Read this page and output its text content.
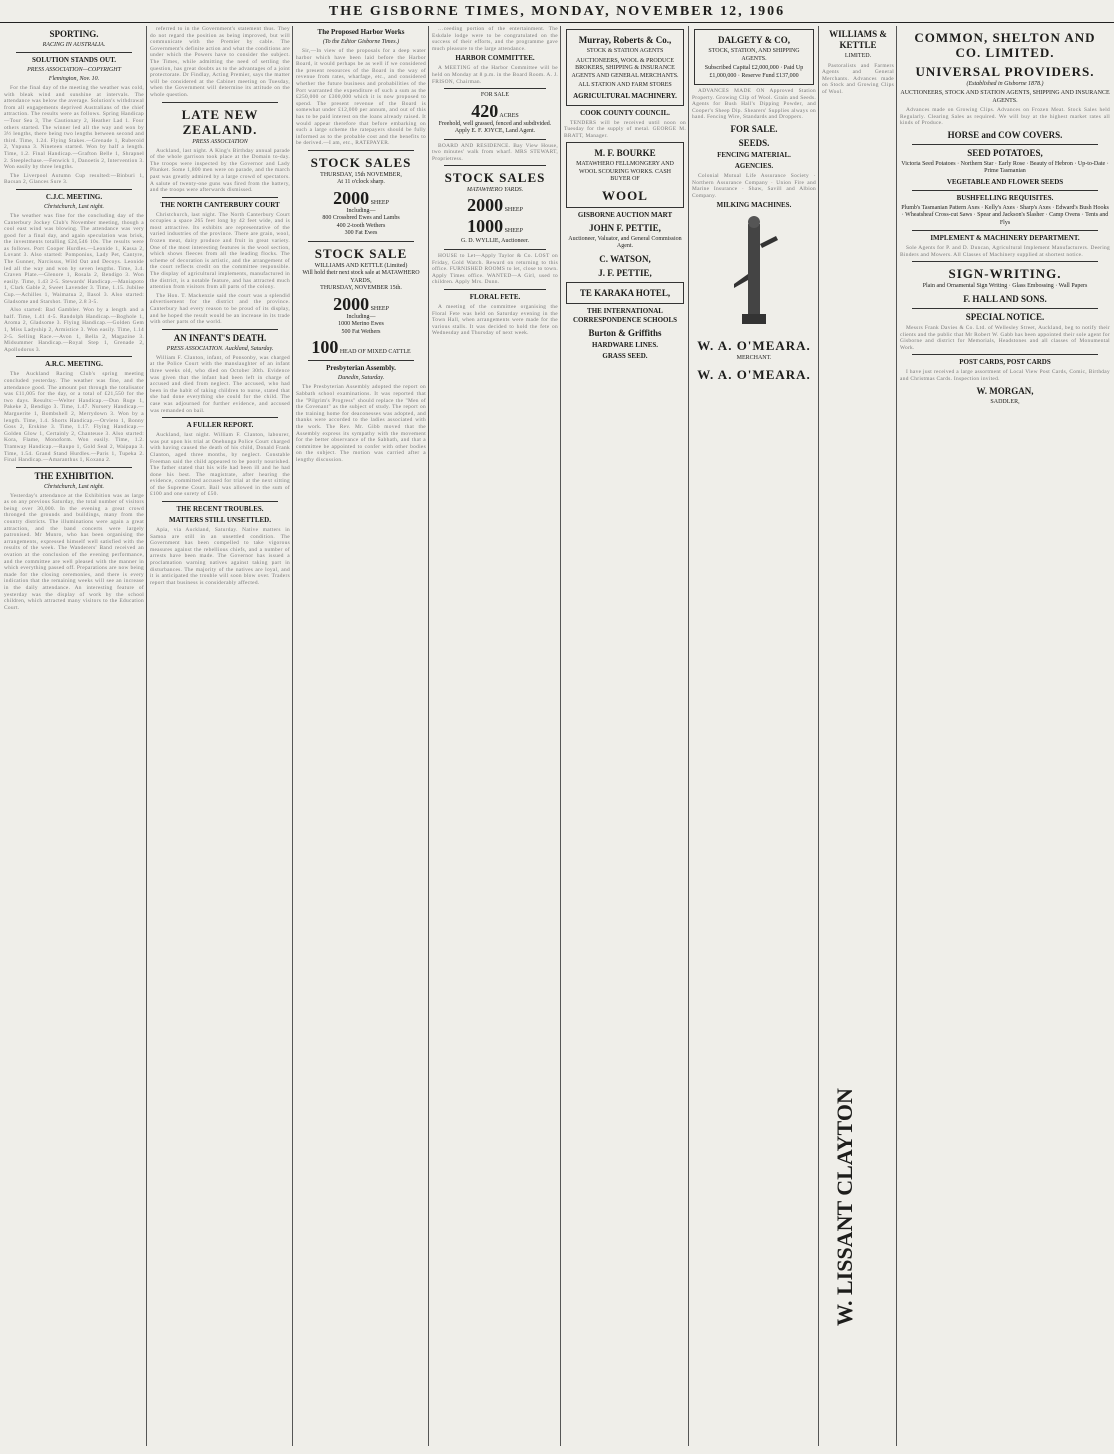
THE GISBORNE TIMES, MONDAY, NOVEMBER 12, 1906
SPORTING.
RACING IN AUSTRALIA.
SOLUTION STANDS OUT.
PRESS ASSOCIATION—COPYRIGHT
Flemington, Nov. 10.
For the final day of the meeting the weather was cold, with bleak wind and sunshine at intervals. The attendance was below the average. Solution's withdrawal from all engagements deprived Australians of the chief attraction. The results were as follows. Spring Handicap—Tour Sea 3, The Cautionary 2, Heather Lad 1. Four others started. The winner led all the way and won by 3½ lengths, there being two lengths between second and third. Time, 1.24. Flying Stakes.—Grenade 1, Ruberoid 2, Ynpuna 3. Nineteen started. Won by half a length. Time, 1.2. Final Handicap.—Grafton Belle 1, Shrapnel 2. Steeplechase.—Fenwick 1, Danoetis 2, Intervention 3. Won easily by three lengths.
The Liverpool Autumn Cup resulted:—Binburi 1, Bacsan 2, Glances Sure 3.
C.J.C. MEETING.
Christchurch, Last night.
The weather was fine for the concluding day of the Canterbury Jockey Club's November meeting, though a cool east wind was blowing. The attendance was very good for a final day, and again speculation was brisk, the investments totalling £24,546 10s. The results were as follows. Port Cooper Hurdles.—Leonide 1, Kassa 2, Lovant 3. Also started: Pomponius, Lady Pet, Cantyre, The Gunner, Narcissus, Wild Oat and Decoys. Leonide led all the way and won by seven lengths. Time, 3.4. Craven Plate.—Glenore 1, Rosala 2, Bendigo 3. Won easily. Time, 1.43 2-5. Stewards' Handicap.—Maniapoto 1, Clark Gable 2, Sweet Lavender 3. Time, 1.15. Jubilee Cup.—Achilles 1, Waimatua 2, Ilasol 3. Also started: Gladsome and Starshot. Time, 2.8 3-5.
Also started: Bad Gambler. Won by a length and a half. Time, 1.41 4-5. Randolph Handicap.—Boghole 1, Aroma 2, Gladsome 3. Flying Handicap.—Golden Gem 1, Miss Ladyship 2, Armistice 3. Won easily. Time, 1.14 2-5. Selling Race.—Avon 1, Bella 2, Magazine 3. Midsummer Handicap.—Royal Step 1, Grenade 2, Apollodorus 3.
A.R.C. MEETING.
The Auckland Racing Club's spring meeting concluded yesterday. The weather was fine, and the attendance good. The amount put through the totalisator was £11,005 for the day, or a total of £21,550 for the two days. Results:—Welter Handicap.—Dun Ruge 1, Pakeke 2, Bendigo 3. Time, 1.47. Nursery Handicap.—Marguerite 1, Bombshell 2, Merrydown 3. Won by a length. Time, 1.4. Shorts Handicap.—Orvieto 1, Bonny Goss 2, Erskine 3. Time, 1.17. Flying Handicap.—Golden Glow 1, Certainly 2, Chanteuse 3. Also started: Kora, Flame, Monoform. Won easily. Time, 1.2. Tramway Handicap.—Raupo 1, Gold Seal 2, Waipapa 3. Time, 1.54. Grand Stand Hurdles.—Paris 1, Tupeka 2. Final Handicap.—Amaranthus 1, Koxana 2.
THE EXHIBITION.
Christchurch, Last night.
Yesterday's attendance at the Exhibition was as large as on any previous Saturday, the total number of visitors being over 30,000. In the evening a great crowd thronged the grounds and buildings, many from the country districts. The illuminations were again a great attraction, and the band concerts were largely patronised. Mr Munro, who has been organising the arrangements, expressed himself well satisfied with the results of the week. The Wanderers' Band received an ovation at the conclusion of the evening performance, and the committee are well pleased with the manner in which everything passed off. Preparations are now being made for the closing ceremonies, and there is every indication that the remaining weeks will see an increase in the daily attendance. An interesting feature of yesterday was the display of work by the school children, which attracted many visitors to the Education Court.
referred to in the Government's statement thus. They do not regard the position as being improved, but will communicate with the Premier by cable. The Government's definite action and what the conditions are under which the Powers have to consider the subject. The Times, while admitting the need of settling the question, has great doubts as to the advantages of a joint protectorate. Dr Findlay, Acting Premier, says the matter will be considered at the Cabinet meeting on Tuesday, when the Government will determine its attitude on the whole question.
LATE NEW ZEALAND.
PRESS ASSOCIATION
Auckland, last night. A King's Birthday annual parade of the whole garrison took place at the Domain to-day. The troops were inspected by the Governor and Lady Plunket. Some 1,800 men were on parade, and the march past was greatly admired by a large crowd of spectators. A salute of twenty-one guns was fired from the battery, and the troops were afterwards dismissed.
THE NORTH CANTERBURY COURT
Christchurch, last night. The North Canterbury Court occupies a space 265 feet long by 42 feet wide, and is most attractive. Its exhibits are representative of the varied industries of the province. There are grain, wool, frozen meat, dairy produce and fruit in great variety. One of the most interesting features is the wool section, which shows fleeces from all the leading flocks. The scheme of decoration is artistic, and the arrangement of the court reflects credit on the committee responsible. The display of agricultural implements, manufactured in the district, is a notable feature, and has attracted much attention from visitors from all parts of the colony.
The Hon. T. Mackenzie said the court was a splendid advertisement for the district and the province. Canterbury had every reason to be proud of its display, and he hoped the result would be an increase in its trade with other parts of the world.
AN INFANT'S DEATH.
PRESS ASSOCIATION. Auckland, Saturday.
William F. Clanton, infant, of Ponsonby, was charged at the Police Court with the manslaughter of an infant three weeks old, who died on October 30th. Evidence was given that the infant had been left in charge of accused and died from neglect. The accused, who had been in the habit of taking children to nurse, stated that she had done everything she could for the child. The case was adjourned for further evidence, and accused was remanded on bail.
A FULLER REPORT.
Auckland, last night. William F. Clanton, labourer, was put upon his trial at Onehunga Police Court charged with having caused the death of his child, Donald Frank Clanton, aged three months, by neglect. Constable Freeman said the child appeared to be poorly nourished. The father stated that his wife had been ill and he had done his best. The magistrate, after hearing the evidence, committed accused for trial at the next sitting of the Supreme Court. Bail was allowed in the sum of £100 and one surety of £50.
THE RECENT TROUBLES.
MATTERS STILL UNSETTLED.
Apia, via Auckland, Saturday. Native matters in Samoa are still in an unsettled condition. The Government has been compelled to take vigorous measures against the rebellious chiefs, and a number of arrests have been made. The Governor has issued a proclamation warning natives against taking part in disturbances. The majority of the natives are loyal, and it is anticipated the trouble will soon blow over. Traders report that business is considerably affected.
The Proposed Harbor Works
(To the Editor Gisborne Times.)
Sir,—In view of the proposals for a deep water harbor which have been laid before the Harbor Board, it would perhaps be as well if we considered the present resources of the Board in the way of revenue from rates, wharfage, etc., and considered whether the future business and probabilities of the Port warranted the expenditure of such a sum as the £250,000 or £300,000 which it is now proposed to spend. The present revenue of the Board is somewhat under £12,000 per annum, and out of this has to be paid interest on the loans already raised. It would appear therefore that before embarking on such a large scheme the ratepayers should be fully informed as to the probable cost and the benefits to be derived.—I am, etc., RATEPAYER.
STOCK SALES
THURSDAY, 15th NOVEMBER,
At 11 o'clock sharp.
2000 SHEEP
Including—
800 Crossbred Ewes and Lambs
400 2-tooth Wethers
300 Fat Ewes
STOCK SALE
WILLIAMS AND KETTLE (Limited)
Will hold their next stock sale at MATAWHERO YARDS,
THURSDAY, NOVEMBER 15th.
2000 SHEEP
Including—
1000 Merino Ewes
500 Fat Wethers
100 HEAD OF MIXED CATTLE
Presbyterian Assembly.
Dunedin, Saturday.
The Presbyterian Assembly adopted the report on Sabbath school examinations. It was reported that the "Pilgrim's Progress" should replace the "Men of the Covenant" as the subject of study. The report on the training home for deaconesses was adopted, and thanks were accorded to the ladies associated with the work. The Rev. Mr. Gibb moved that the Assembly express its sympathy with the movement for the better observance of the Sabbath, and that a committee be appointed to confer with other bodies on the subject. The motion was carried after a lengthy discussion.
…ceeding portion of the entertainment. The Eskdale lodge were to be congratulated on the success of their efforts, and the programme gave much pleasure to the large attendance.
HARBOR COMMITTEE.
A MEETING of the Harbor Committee will be held on Monday at 8 p.m. in the Board Room. A. J. FRISON, Chairman.
FOR SALE
420 ACRES
Freehold, well grassed, fenced and subdivided. Apply E. F. JOYCE, Land Agent.
BOARD AND RESIDENCE. Bay View House, two minutes' walk from wharf. MRS STEWART, Proprietress.
STOCK SALES
MATAWHERO YARDS.
2000 SHEEP
1000 SHEEP
G. D. WYLLIE, Auctioneer.
HOUSE to Let—Apply Taylor & Co. LOST on Friday, Gold Watch. Reward on returning to this office. FURNISHED ROOMS to let, close to town. Apply Times office. WANTED—A Girl, used to children. Apply Mrs. Dunn.
FLORAL FETE.
A meeting of the committee organising the Floral Fete was held on Saturday evening in the Town Hall, when arrangements were made for the various stalls. It was decided to hold the fete on Wednesday and Thursday of next week.
Murray, Roberts & Co.,
STOCK & STATION AGENTS
AUCTIONEERS, WOOL & PRODUCE BROKERS, SHIPPING & INSURANCE AGENTS AND GENERAL MERCHANTS.
ALL STATION AND FARM STORES
AGRICULTURAL MACHINERY.
COOK COUNTY COUNCIL.
TENDERS will be received until noon on Tuesday for the supply of metal. GEORGE M. BRATT, Manager.
M. F. BOURKE
MATAWHERO FELLMONGERY AND WOOL SCOURING WORKS. CASH BUYER OF
WOOL
GISBORNE AUCTION MART
JOHN F. PETTIE,
Auctioneer, Valuator, and General Commission Agent.
C. WATSON,
J. F. PETTIE,
TE KARAKA HOTEL,
THE INTERNATIONAL CORRESPONDENCE SCHOOLS
Burton & Griffiths
HARDWARE LINES.
GRASS SEED.
DALGETY & CO,
STOCK, STATION, AND SHIPPING AGENTS.
Subscribed Capital £2,000,000 · Paid Up £1,000,000 · Reserve Fund £137,000
ADVANCES MADE ON Approved Station Property. Growing Clip of Wool. Grain and Seeds. Agents for Bush Hall's Dipping Powder, and Cooper's Sheep Dip. Shearers' Supplies always on hand. Fencing Wire, Standards and Droppers.
FOR SALE.
SEEDS.
FENCING MATERIAL.
AGENCIES.
Colonial Mutual Life Assurance Society · Northern Assurance Company · Union Fire and Marine Insurance · Shaw, Savill and Albion Company.
MILKING MACHINES.
W. A. O'MEARA.
MERCHANT.
W. A. O'MEARA.
WILLIAMS & KETTLE
LIMITED.
Pastoralists and Farmers Agents and General Merchants. Advances made on Stock and Growing Clips of Wool.
W. LISSANT CLAYTON
COMMON, SHELTON AND CO. LIMITED.
UNIVERSAL PROVIDERS.
(Established in Gisborne 1878.)
AUCTIONEERS, STOCK AND STATION AGENTS, SHIPPING AND INSURANCE AGENTS.
Advances made on Growing Clips. Advances on Frozen Meat. Stock Sales held Regularly. Clearing Sales as required. We will buy at the highest market rates all kinds of Produce.
HORSE and COW COVERS.
SEED POTATOES,
Victoria Seed Potatoes · Northern Star · Early Rose · Beauty of Hebron · Up-to-Date · Prime Tasmanian
VEGETABLE AND FLOWER SEEDS
BUSHFELLING REQUISITES.
Plumb's Tasmanian Pattern Axes · Kelly's Axes · Sharp's Axes · Edward's Bush Hooks · Wheatsheaf Cross-cut Saws · Spear and Jackson's Slasher · Camp Ovens · Tents and Flys
IMPLEMENT & MACHINERY DEPARTMENT.
Sole Agents for P. and D. Duncan, Agricultural Implement Manufacturers. Deering Binders and Mowers. All Classes of Machinery supplied at shortest notice.
SIGN-WRITING.
Plain and Ornamental Sign Writing · Glass Embossing · Wall Papers
F. HALL AND SONS.
SPECIAL NOTICE.
Messrs Frank Davies & Co. Ltd. of Wellesley Street, Auckland, beg to notify their clients and the public that Mr Robert W. Gabb has been appointed their sole agent for Gisborne and district for Memorials, Headstones and all classes of Monumental Work.
POST CARDS, POST CARDS
I have just received a large assortment of Local View Post Cards, Comic, Birthday and Christmas Cards. Inspection invited.
W. MORGAN,
SADDLER,
